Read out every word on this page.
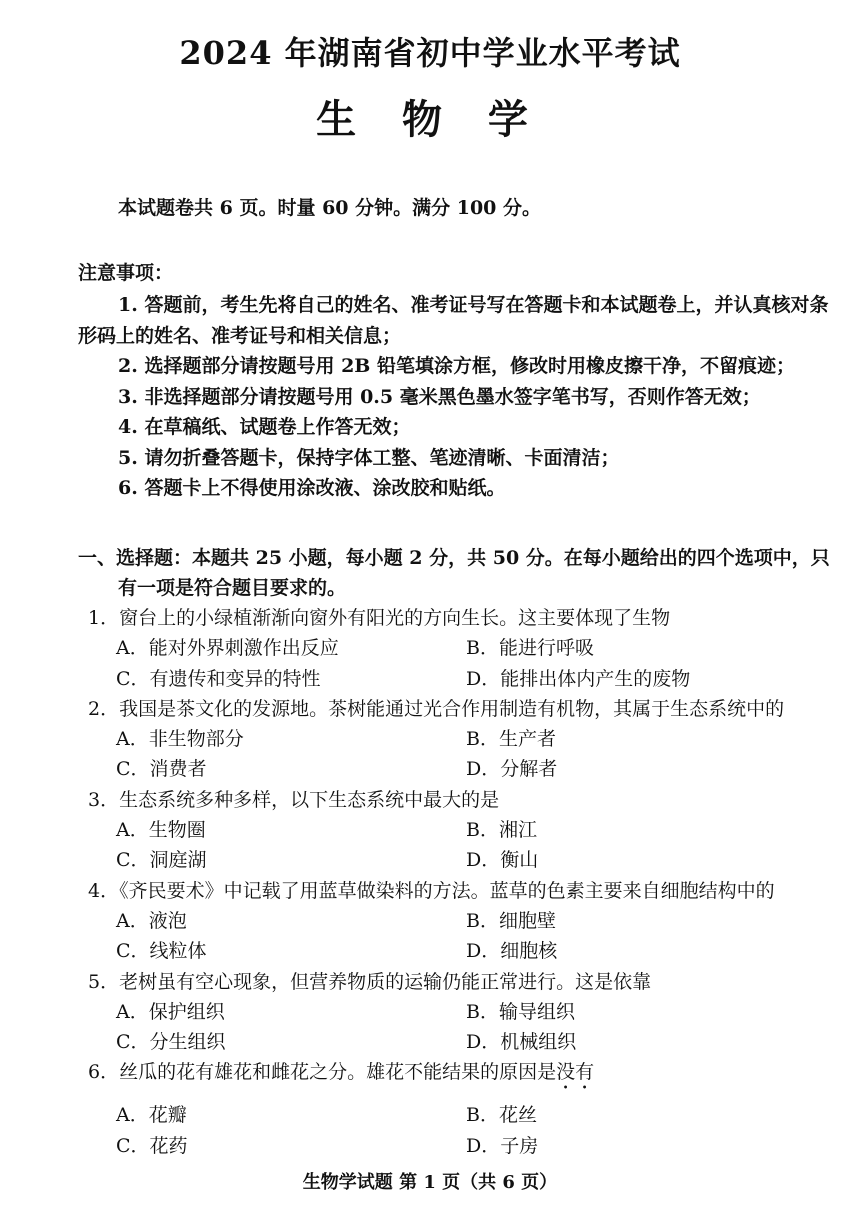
2024 年湖南省初中学业水平考试
生 物 学
本试题卷共 6 页。时量 60 分钟。满分 100 分。
注意事项：
1. 答题前，考生先将自己的姓名、准考证号写在答题卡和本试题卷上，并认真核对条形码上的姓名、准考证号和相关信息；
2. 选择题部分请按题号用 2B 铅笔填涂方框，修改时用橡皮擦干净，不留痕迹；
3. 非选择题部分请按题号用 0.5 毫米黑色墨水签字笔书写，否则作答无效；
4. 在草稿纸、试题卷上作答无效；
5. 请勿折叠答题卡，保持字体工整、笔迹清晰、卡面清洁；
6. 答题卡上不得使用涂改液、涂改胶和贴纸。
一、选择题：本题共 25 小题，每小题 2 分，共 50 分。在每小题给出的四个选项中，只
有一项是符合题目要求的。
1．窗台上的小绿植渐渐向窗外有阳光的方向生长。这主要体现了生物
A．能对外界刺激作出反应	B．能进行呼吸
C．有遗传和变异的特性	D．能排出体内产生的废物
2．我国是茶文化的发源地。茶树能通过光合作用制造有机物，其属于生态系统中的
A．非生物部分	B．生产者
C．消费者	D．分解者
3．生态系统多种多样，以下生态系统中最大的是
A．生物圈	B．湘江
C．洞庭湖	D．衡山
4．《齐民要术》中记载了用蓝草做染料的方法。蓝草的色素主要来自细胞结构中的
A．液泡	B．细胞壁
C．线粒体	D．细胞核
5．老树虽有空心现象，但营养物质的运输仍能正常进行。这是依靠
A．保护组织	B．输导组织
C．分生组织	D．机械组织
6．丝瓜的花有雄花和雌花之分。雄花不能结果的原因是没有
A．花瓣	B．花丝
C．花药	D．子房
生物学试题 第 1 页（共 6 页）
